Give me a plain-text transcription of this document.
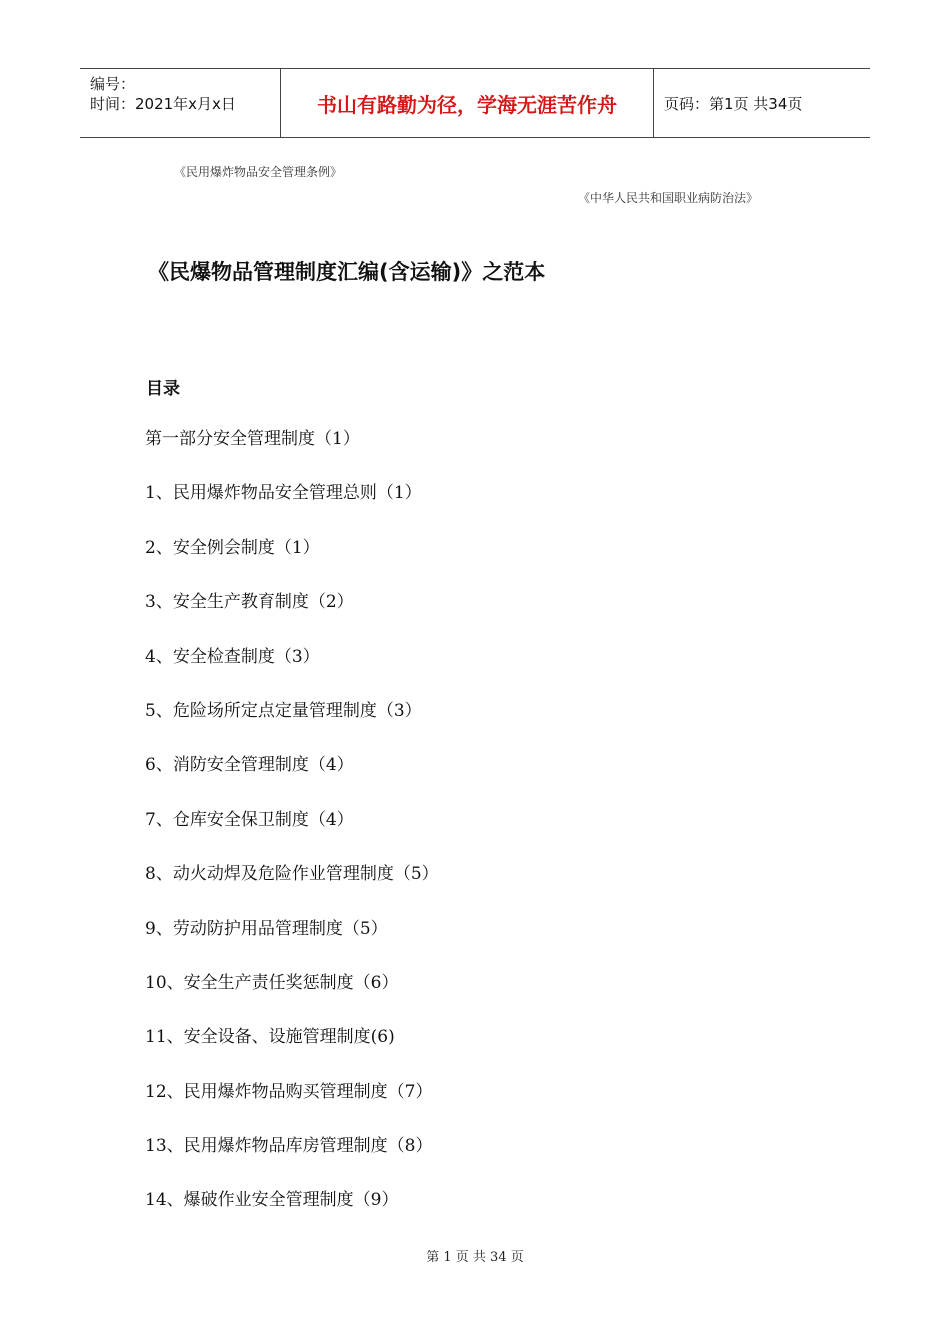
编号：
时间：2021年x月x日	书山有路勤为径，学海无涯苦作舟	页码：第1页 共34页
《民用爆炸物品安全管理条例》
《中华人民共和国职业病防治法》
《民爆物品管理制度汇编(含运输)》之范本
目录
第一部分安全管理制度（1）
1、民用爆炸物品安全管理总则（1）
2、安全例会制度（1）
3、安全生产教育制度（2）
4、安全检查制度（3）
5、危险场所定点定量管理制度（3）
6、消防安全管理制度（4）
7、仓库安全保卫制度（4）
8、动火动焊及危险作业管理制度（5）
9、劳动防护用品管理制度（5）
10、安全生产责任奖惩制度（6）
11、安全设备、设施管理制度(6)
12、民用爆炸物品购买管理制度（7）
13、民用爆炸物品库房管理制度（8）
14、爆破作业安全管理制度（9）
第 1 页 共 34 页
